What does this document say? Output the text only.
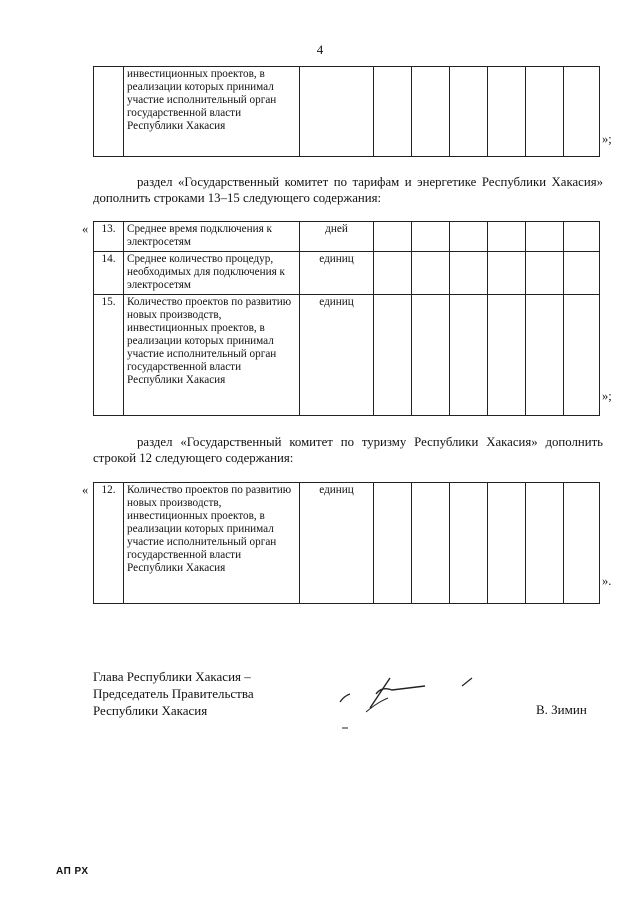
4
	инвестиционных проектов, в реализации которых принимал участие исполнительный орган государственной власти Республики Хакасия							
»;
раздел «Государственный комитет по тарифам и энергетике Республики Хакасия» дополнить строками 13–15 следующего содержания:
« 13.	Среднее время подключения к электросетям	дней						
14.	Среднее количество процедур, необходимых для подключения к электросетям	единиц						
15.	Количество проектов по развитию новых производств, инвестиционных проектов, в реализации которых принимал участие исполнительный орган государственной власти Республики Хакасия	единиц						
»;
раздел «Государственный комитет по туризму Республики Хакасия» дополнить строкой 12 следующего содержания:
« 12.	Количество проектов по развитию новых производств, инвестиционных проектов, в реализации которых принимал участие исполнительный орган государственной власти Республики Хакасия	единиц						
».
Глава Республики Хакасия –
Председатель Правительства
Республики Хакасия	В. Зимин
АП РХ
